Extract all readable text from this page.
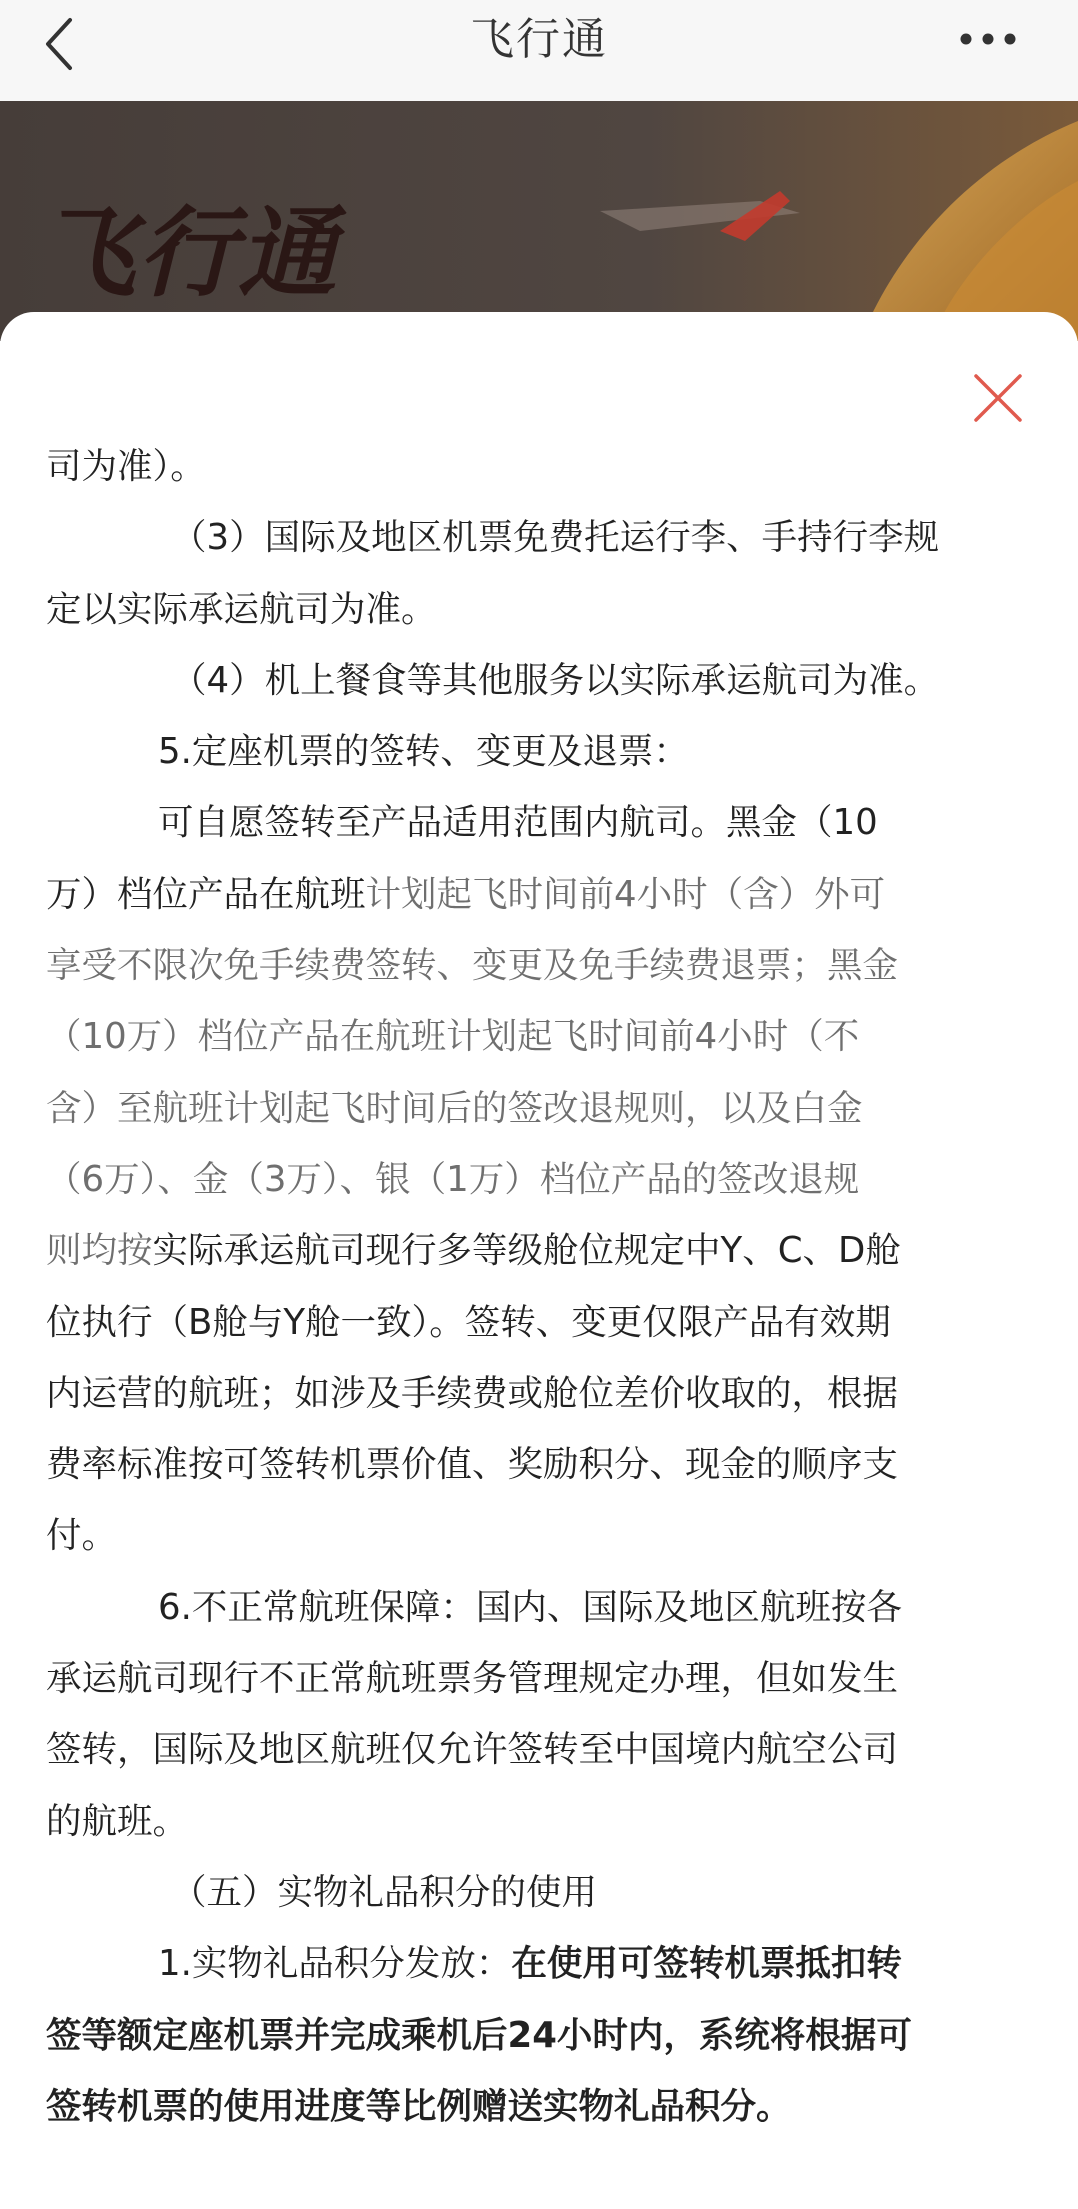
飞行通
飞行通

司为准）。

（3）国际及地区机票免费托运行李、手持行李规

定以实际承运航司为准。

（4）机上餐食等其他服务以实际承运航司为准。

5.定座机票的签转、变更及退票：

可自愿签转至产品适用范围内航司。黑金（10

万）档位产品在航班计划起飞时间前4小时（含）外可

享受不限次免手续费签转、变更及免手续费退票；黑金

（10万）档位产品在航班计划起飞时间前4小时（不

含）至航班计划起飞时间后的签改退规则，以及白金

（6万）、金（3万）、银（1万）档位产品的签改退规

则均按实际承运航司现行多等级舱位规定中Y、C、D舱

位执行（B舱与Y舱一致）。签转、变更仅限产品有效期

内运营的航班；如涉及手续费或舱位差价收取的，根据

费率标准按可签转机票价值、奖励积分、现金的顺序支

付。

6.不正常航班保障：国内、国际及地区航班按各

承运航司现行不正常航班票务管理规定办理，但如发生

签转，国际及地区航班仅允许签转至中国境内航空公司

的航班。

（五）实物礼品积分的使用

1.实物礼品积分发放：在使用可签转机票抵扣转

签等额定座机票并完成乘机后24小时内，系统将根据可

签转机票的使用进度等比例赠送实物礼品积分。
